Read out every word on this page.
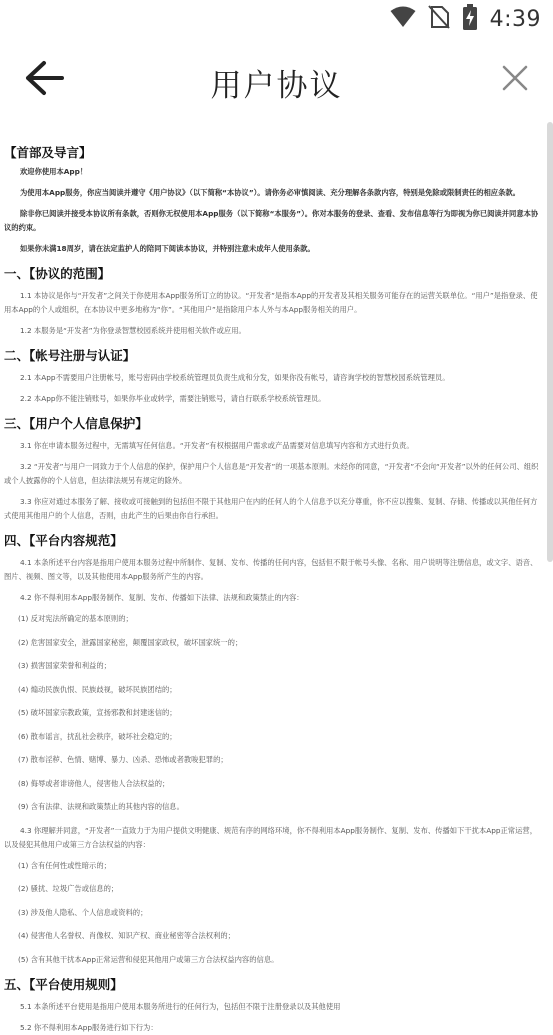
4:39
用户协议
【首部及导言】
欢迎你使用本App！
为使用本App服务，你应当阅读并遵守《用户协议》（以下简称“本协议”）。请你务必审慎阅读、充分理解各条款内容，特别是免除或限制责任的相应条款。
除非你已阅读并接受本协议所有条款，否则你无权使用本App服务（以下简称“本服务”）。你对本服务的登录、查看、发布信息等行为即视为你已阅读并同意本协议的约束。
如果你未满18周岁，请在法定监护人的陪同下阅读本协议，并特别注意未成年人使用条款。
一、【协议的范围】
1.1 本协议是你与“开发者”之间关于你使用本App服务所订立的协议。“开发者”是指本App的开发者及其相关服务可能存在的运营关联单位。“用户”是指登录、使用本App的个人或组织，在本协议中更多地称为“你”。“其他用户”是指除用户本人外与本App服务相关的用户。
1.2 本服务是“开发者”为你登录智慧校园系统并使用相关软件或应用。
二、【帐号注册与认证】
2.1 本App不需要用户注册帐号，账号密码由学校系统管理员负责生成和分发，如果你没有帐号，请咨询学校的智慧校园系统管理员。
2.2 本App你不能注销账号，如果你毕业或转学，需要注销账号，请自行联系学校系统管理员。
三、【用户个人信息保护】
3.1 你在申请本服务过程中，无需填写任何信息。“开发者”有权根据用户需求或产品需要对信息填写内容和方式进行负责。
3.2 “开发者”与用户一同致力于个人信息的保护，保护用户个人信息是“开发者”的一项基本原则。未经你的同意，“开发者”不会向“开发者”以外的任何公司、组织或个人披露你的个人信息，但法律法规另有规定的除外。
3.3 你应对通过本服务了解、接收或可接触到的包括但不限于其他用户在内的任何人的个人信息予以充分尊重，你不应以搜集、复制、存储、传播或以其他任何方式使用其他用户的个人信息，否则，由此产生的后果由你自行承担。
四、【平台内容规范】
4.1 本条所述平台内容是指用户使用本服务过程中所制作、复制、发布、传播的任何内容，包括但不限于帐号头像、名称、用户说明等注册信息，或文字、语音、图片、视频、图文等，以及其他使用本App服务所产生的内容。
4.2 你不得利用本App服务制作、复制、发布、传播如下法律、法规和政策禁止的内容：
(1) 反对宪法所确定的基本原则的；
(2) 危害国家安全，泄露国家秘密，颠覆国家政权，破坏国家统一的；
(3) 损害国家荣誉和利益的；
(4) 煽动民族仇恨、民族歧视，破坏民族团结的；
(5) 破坏国家宗教政策，宣扬邪教和封建迷信的；
(6) 散布谣言，扰乱社会秩序，破坏社会稳定的；
(7) 散布淫秽、色情、赌博、暴力、凶杀、恐怖或者教唆犯罪的；
(8) 侮辱或者诽谤他人，侵害他人合法权益的；
(9) 含有法律、法规和政策禁止的其他内容的信息。
4.3 你理解并同意，“开发者”一直致力于为用户提供文明健康、规范有序的网络环境，你不得利用本App服务制作、复制、发布、传播如下干扰本App正常运营，以及侵犯其他用户或第三方合法权益的内容：
(1) 含有任何性或性暗示的；
(2) 骚扰、垃圾广告或信息的；
(3) 涉及他人隐私、个人信息或资料的；
(4) 侵害他人名誉权、肖像权、知识产权、商业秘密等合法权利的；
(5) 含有其他干扰本App正常运营和侵犯其他用户或第三方合法权益内容的信息。
五、【平台使用规则】
5.1 本条所述平台使用是指用户使用本服务所进行的任何行为，包括但不限于注册登录以及其他使用
5.2 你不得利用本App服务进行如下行为：
